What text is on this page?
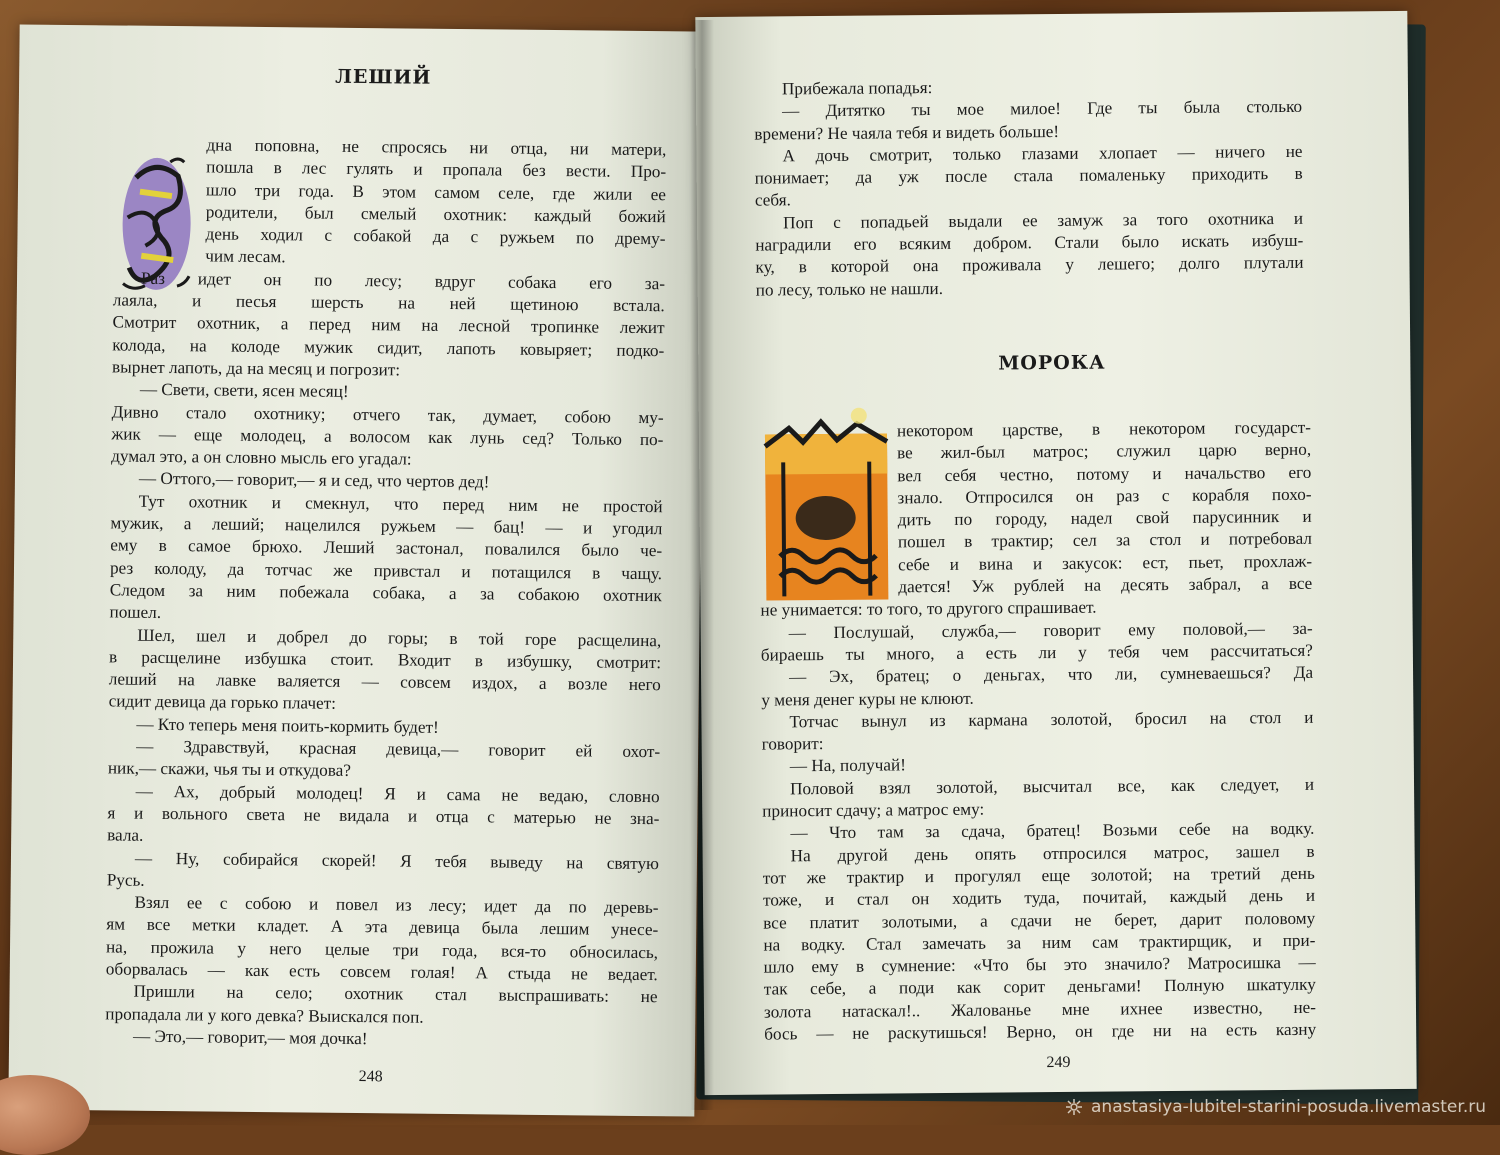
ЛЕШИЙ
дна поповна, не спросясь ни отца, ни матери,
пошла в лес гулять и пропала без вести. Про-
шло три года. В этом самом селе, где жили ее
родители, был смелый охотник: каждый божий
день ходил с собакой да с ружьем по дрему-
чим лесам.
Раз идет он по лесу; вдруг собака его за-
лаяла, и песья шерсть на ней щетиною встала.
Смотрит охотник, а перед ним на лесной тропинке лежит
колода, на колоде мужик сидит, лапоть ковыряет; подко-
вырнет лапоть, да на месяц и погрозит:
— Свети, свети, ясен месяц!
Дивно стало охотнику; отчего так, думает, собою му-
жик — еще молодец, а волосом как лунь сед? Только по-
думал это, а он словно мысль его угадал:
— Оттого,— говорит,— я и сед, что чертов дед!
Тут охотник и смекнул, что перед ним не простой
мужик, а леший; нацелился ружьем — бац! — и угодил
ему в самое брюхо. Леший застонал, повалился было че-
рез колоду, да тотчас же привстал и потащился в чащу.
Следом за ним побежала собака, а за собакою охотник
пошел.
Шел, шел и добрел до горы; в той горе расщелина,
в расщелине избушка стоит. Входит в избушку, смотрит:
леший на лавке валяется — совсем издох, а возле него
сидит девица да горько плачет:
— Кто теперь меня поить-кормить будет!
— Здравствуй, красная девица,— говорит ей охот-
ник,— скажи, чья ты и откудова?
— Ах, добрый молодец! Я и сама не ведаю, словно
я и вольного света не видала и отца с матерью не зна-
вала.
— Ну, собирайся скорей! Я тебя выведу на святую
Русь.
Взял ее с собою и повел из лесу; идет да по деревь-
ям все метки кладет. А эта девица была лешим унесе-
на, прожила у него целые три года, вся-то обносилась,
оборвалась — как есть совсем голая! А стыда не ведает.
Пришли на село; охотник стал выспрашивать: не
пропадала ли у кого девка? Выискался поп.
— Это,— говорит,— моя дочка!
248
Прибежала попадья:
— Дитятко ты мое милое! Где ты была столько
времени? Не чаяла тебя и видеть больше!
А дочь смотрит, только глазами хлопает — ничего не
понимает; да уж после стала помаленьку приходить в
себя.
Поп с попадьей выдали ее замуж за того охотника и
наградили его всяким добром. Стали было искать избуш-
ку, в которой она проживала у лешего; долго плутали
по лесу, только не нашли.
МОРОКА
некотором царстве, в некотором государст-
ве жил-был матрос; служил царю верно,
вел себя честно, потому и начальство его
знало. Отпросился он раз с корабля похо-
дить по городу, надел свой парусинник и
пошел в трактир; сел за стол и потребовал
себе и вина и закусок: ест, пьет, прохлаж-
дается! Уж рублей на десять забрал, а все
не унимается: то того, то другого спрашивает.
— Послушай, служба,— говорит ему половой,— за-
бираешь ты много, а есть ли у тебя чем рассчитаться?
— Эх, братец; о деньгах, что ли, сумневаешься? Да
у меня денег куры не клюют.
Тотчас вынул из кармана золотой, бросил на стол и
говорит:
— На, получай!
Половой взял золотой, высчитал все, как следует, и
приносит сдачу; а матрос ему:
— Что там за сдача, братец! Возьми себе на водку.
На другой день опять отпросился матрос, зашел в
тот же трактир и прогулял еще золотой; на третий день
тоже, и стал он ходить туда, почитай, каждый день и
все платит золотыми, а сдачи не берет, дарит половому
на водку. Стал замечать за ним сам трактирщик, и при-
шло ему в сумнение: «Что бы это значило? Матросишка —
так себе, а поди как сорит деньгами! Полную шкатулку
золота натаскал!.. Жалованье мне ихнее известно, не-
бось — не раскутишься! Верно, он где ни на есть казну
249
anastasiya-lubitel-starini-posuda.livemaster.ru
